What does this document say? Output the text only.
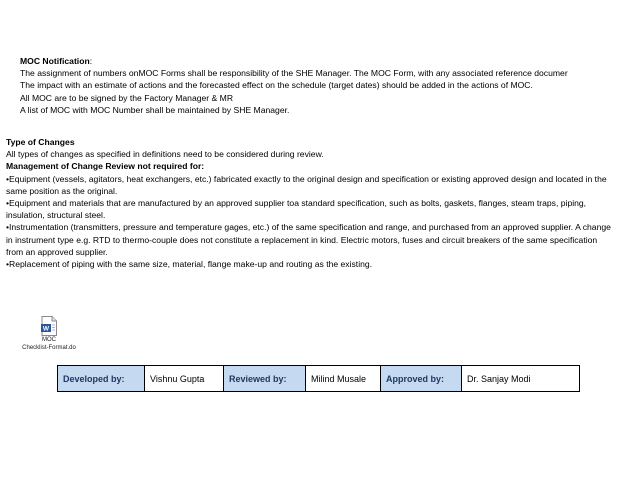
MOC Notification:
The assignment of numbers onMOC Forms shall be responsibility of the SHE Manager. The MOC Form, with any associated reference documer
The impact with an estimate of actions and the forecasted effect on the schedule (target dates) should be added in the actions of MOC.
All MOC are to be signed by the Factory Manager & MR
A list of MOC with MOC Number shall be maintained by SHE Manager.
Type of Changes
All types of changes as specified in definitions need to be considered during review.
Management of Change Review not required for:
•Equipment (vessels, agitators, heat exchangers, etc.) fabricated exactly to the original design and specification or existing approved design and located in the same position as the original.
•Equipment and materials that are manufactured by an approved supplier toa standard specification, such as bolts, gaskets, flanges, steam traps, piping, insulation, structural steel.
•Instrumentation (transmitters, pressure and temperature gages, etc.) of the same specification and range, and purchased from an approved supplier. A change in instrument type e.g. RTD to thermo-couple does not constitute a replacement in kind. Electric motors, fuses and circuit breakers of the same specification from an approved supplier.
•Replacement of piping with the same size, material, flange make-up and routing as the existing.
W
MOC
Checklist-Format.do
Developed by:	Vishnu Gupta	Reviewed by:	Milind Musale	Approved by:	Dr. Sanjay Modi
